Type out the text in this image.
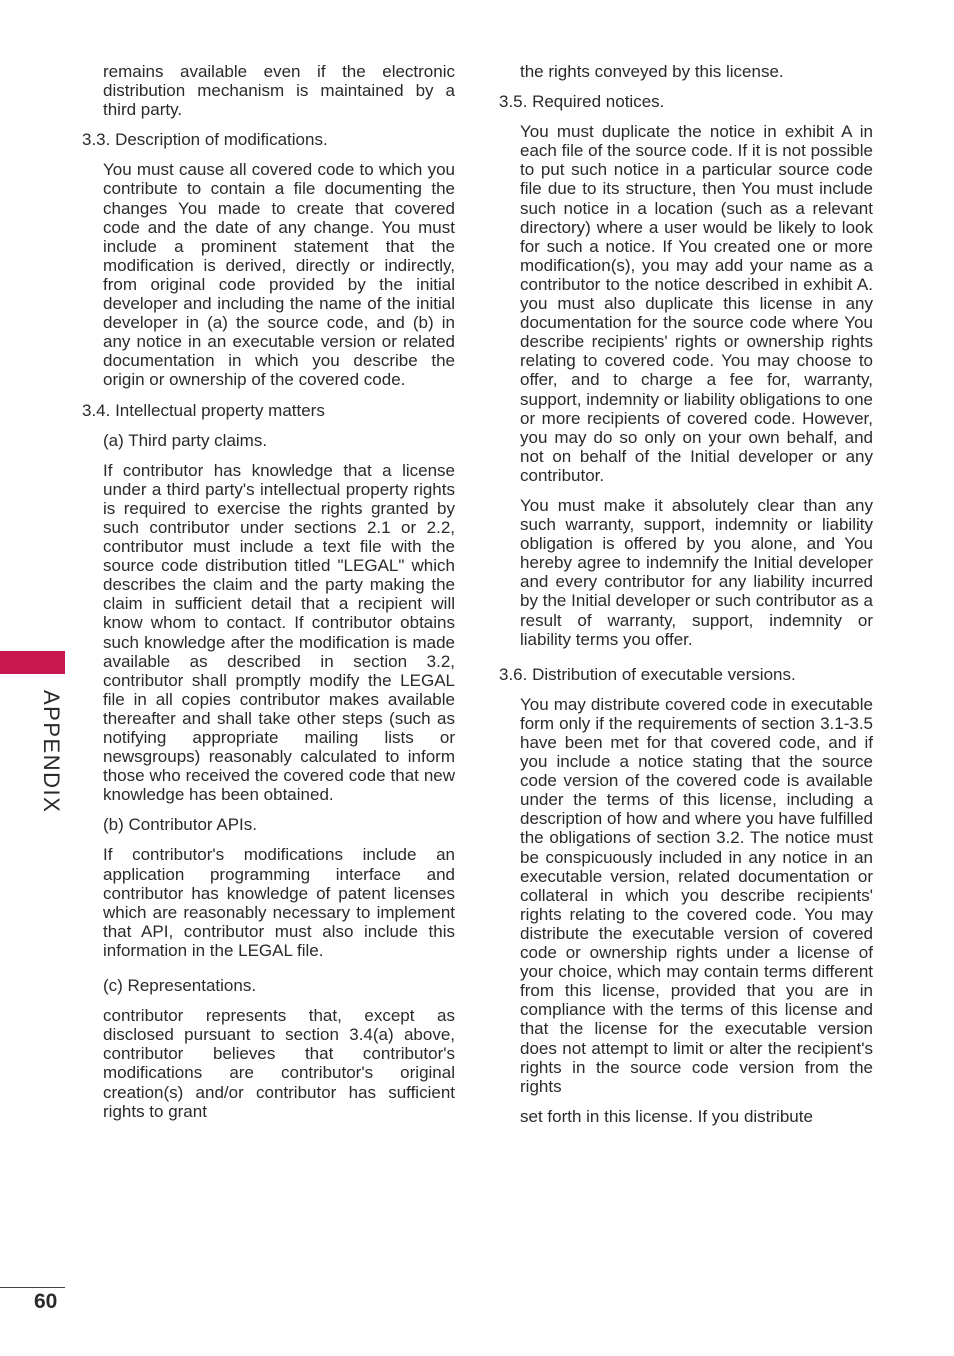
APPENDIX

remains available even if the electronic distribution mechanism is maintained by a third party.

3.3. Description of modifications.

You must cause all covered code to which you contribute to contain a file documenting the changes You made to create that covered code and the date of any change. You must include a prominent statement that the modification is derived, directly or indirectly, from original code provided by the initial developer and including the name of the initial developer in (a) the source code, and (b) in any notice in an executable version or related documentation in which you describe the origin or ownership of the covered code.

3.4. Intellectual property matters

(a) Third party claims.

If contributor has knowledge that a license under a third party's intellectual property rights is required to exercise the rights granted by such contributor under sections 2.1 or 2.2, contributor must include a text file with the source code distribution titled "LEGAL" which describes the claim and the party making the claim in sufficient detail that a recipient will know whom to contact. If contributor obtains such knowledge after the modification is made available as described in section 3.2, contributor shall promptly modify the LEGAL file in all copies contributor makes available thereafter and shall take other steps (such as notifying appropriate mailing lists or newsgroups) reasonably calculated to inform those who received the covered code that new knowledge has been obtained.

(b) Contributor APIs.

If contributor's modifications include an application programming interface and contributor has knowledge of patent licenses which are reasonably necessary to implement that API, contributor must also include this information in the LEGAL file.

(c) Representations.

contributor represents that, except as disclosed pursuant to section 3.4(a) above, contributor believes that contributor's modifications are contributor's original creation(s) and/or contributor has sufficient rights to grant

the rights conveyed by this license.

3.5. Required notices.

You must duplicate the notice in exhibit A in each file of the source code. If it is not possible to put such notice in a particular source code file due to its structure, then You must include such notice in a location (such as a relevant directory) where a user would be likely to look for such a notice. If You created one or more modification(s), you may add your name as a contributor to the notice described in exhibit A. you must also duplicate this license in any documentation for the source code where You describe recipients' rights or ownership rights relating to covered code. You may choose to offer, and to charge a fee for, warranty, support, indemnity or liability obligations to one or more recipients of covered code. However, you may do so only on your own behalf, and not on behalf of the Initial developer or any contributor.

You must make it absolutely clear than any such warranty, support, indemnity or liability obligation is offered by you alone, and You hereby agree to indemnify the Initial developer and every contributor for any liability incurred by the Initial developer or such contributor as a result of warranty, support, indemnity or liability terms you offer.

3.6. Distribution of executable versions.

You may distribute covered code in executable form only if the requirements of section 3.1-3.5 have been met for that covered code, and if you include a notice stating that the source code version of the covered code is available under the terms of this license, including a description of how and where you have fulfilled the obligations of section 3.2. The notice must be conspicuously included in any notice in an executable version, related documentation or collateral in which you describe recipients' rights relating to the covered code. You may distribute the executable version of covered code or ownership rights under a license of your choice, which may contain terms different from this license, provided that you are in compliance with the terms of this license and that the license for the executable version does not attempt to limit or alter the recipient's rights in the source code version from the rights

set forth in this license. If you distribute

60
